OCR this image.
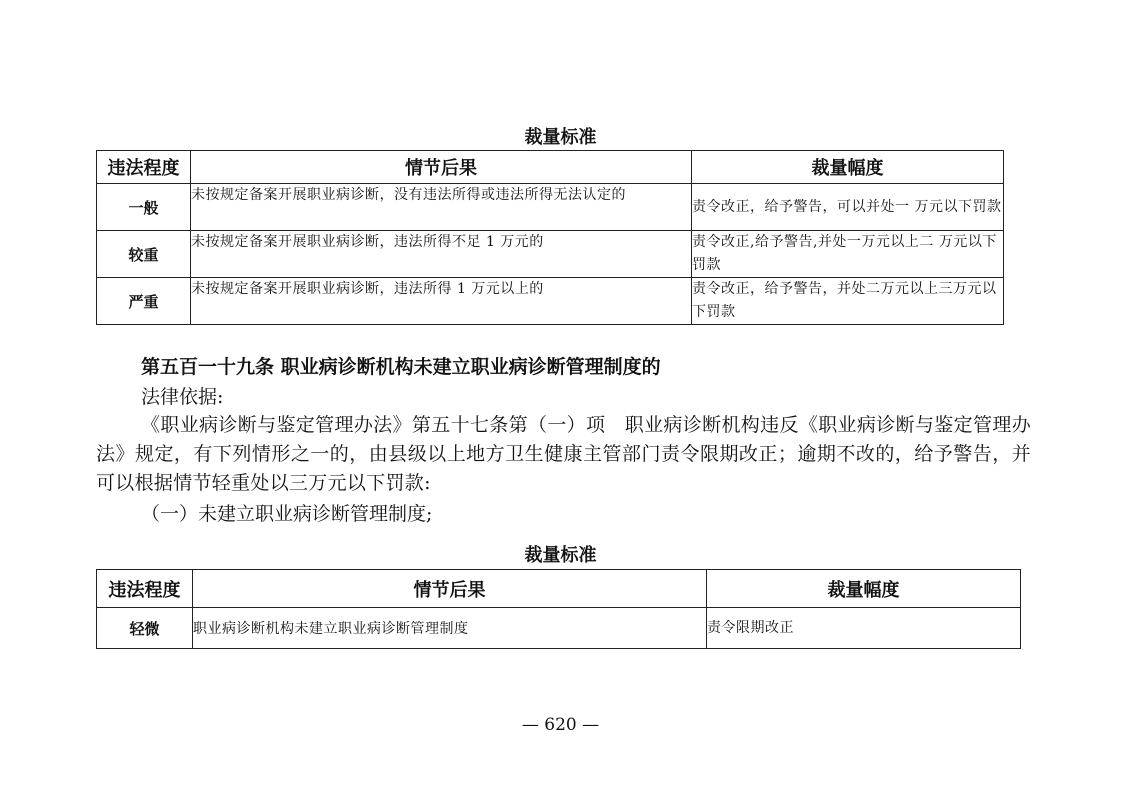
裁量标准
违法程度	情节后果	裁量幅度
一般	未按规定备案开展职业病诊断，没有违法所得或违法所得无法认定的	责令改正，给予警告，可以并处一 万元以下罚款
较重	未按规定备案开展职业病诊断，违法所得不足 1 万元的	责令改正,给予警告,并处一万元以上二 万元以下罚款
严重	未按规定备案开展职业病诊断，违法所得 1 万元以上的	责令改正，给予警告，并处二万元以上三万元以下罚款
第五百一十九条 职业病诊断机构未建立职业病诊断管理制度的
法律依据:
《职业病诊断与鉴定管理办法》第五十七条第（一）项　职业病诊断机构违反《职业病诊断与鉴定管理办法》规定，有下列情形之一的，由县级以上地方卫生健康主管部门责令限期改正；逾期不改的，给予警告，并可以根据情节轻重处以三万元以下罚款:
（一）未建立职业病诊断管理制度;
裁量标准
违法程度	情节后果	裁量幅度
轻微	职业病诊断机构未建立职业病诊断管理制度	责令限期改正
— 620 —
